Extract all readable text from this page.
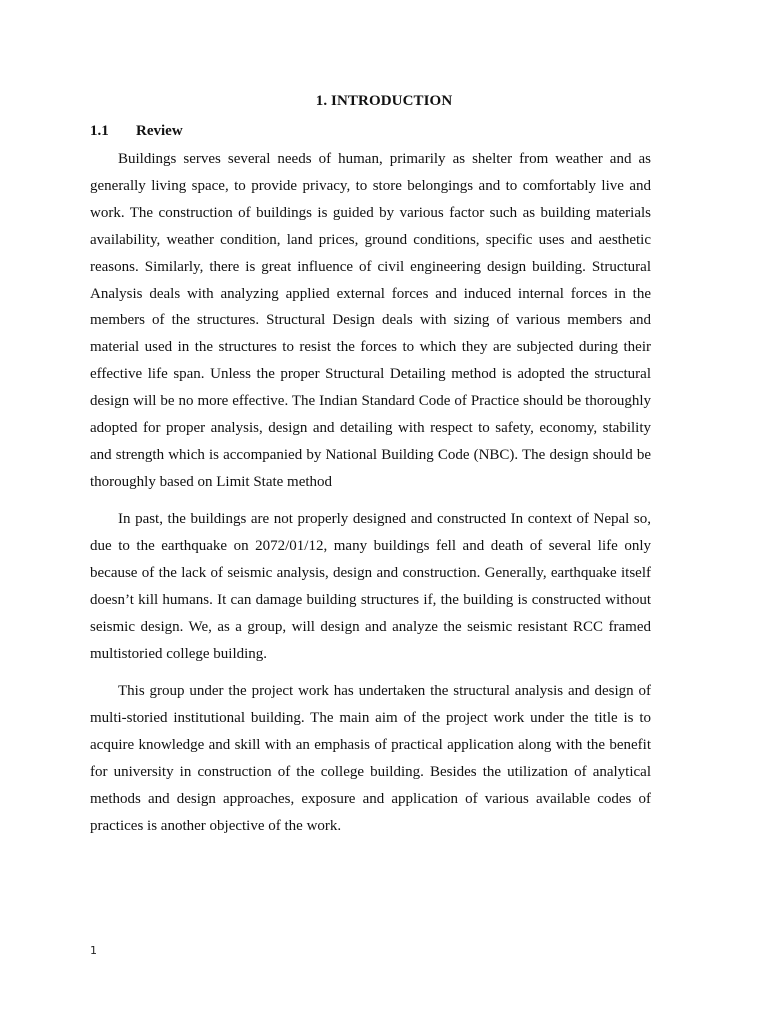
1. INTRODUCTION
1.1 Review

Buildings serves several needs of human, primarily as shelter from weather and as generally living space, to provide privacy, to store belongings and to comfortably live and work. The construction of buildings is guided by various factor such as building materials availability, weather condition, land prices, ground conditions, specific uses and aesthetic reasons. Similarly, there is great influence of civil engineering design building. Structural Analysis deals with analyzing applied external forces and induced internal forces in the members of the structures. Structural Design deals with sizing of various members and material used in the structures to resist the forces to which they are subjected during their effective life span. Unless the proper Structural Detailing method is adopted the structural design will be no more effective. The Indian Standard Code of Practice should be thoroughly adopted for proper analysis, design and detailing with respect to safety, economy, stability and strength which is accompanied by National Building Code (NBC). The design should be thoroughly based on Limit State method

In past, the buildings are not properly designed and constructed In context of Nepal so, due to the earthquake on 2072/01/12, many buildings fell and death of several life only because of the lack of seismic analysis, design and construction. Generally, earthquake itself doesn’t kill humans. It can damage building structures if, the building is constructed without seismic design. We, as a group, will design and analyze the seismic resistant RCC framed multistoried college building.

This group under the project work has undertaken the structural analysis and design of multi-storied institutional building. The main aim of the project work under the title is to acquire knowledge and skill with an emphasis of practical application along with the benefit for university in construction of the college building. Besides the utilization of analytical methods and design approaches, exposure and application of various available codes of practices is another objective of the work.

1
